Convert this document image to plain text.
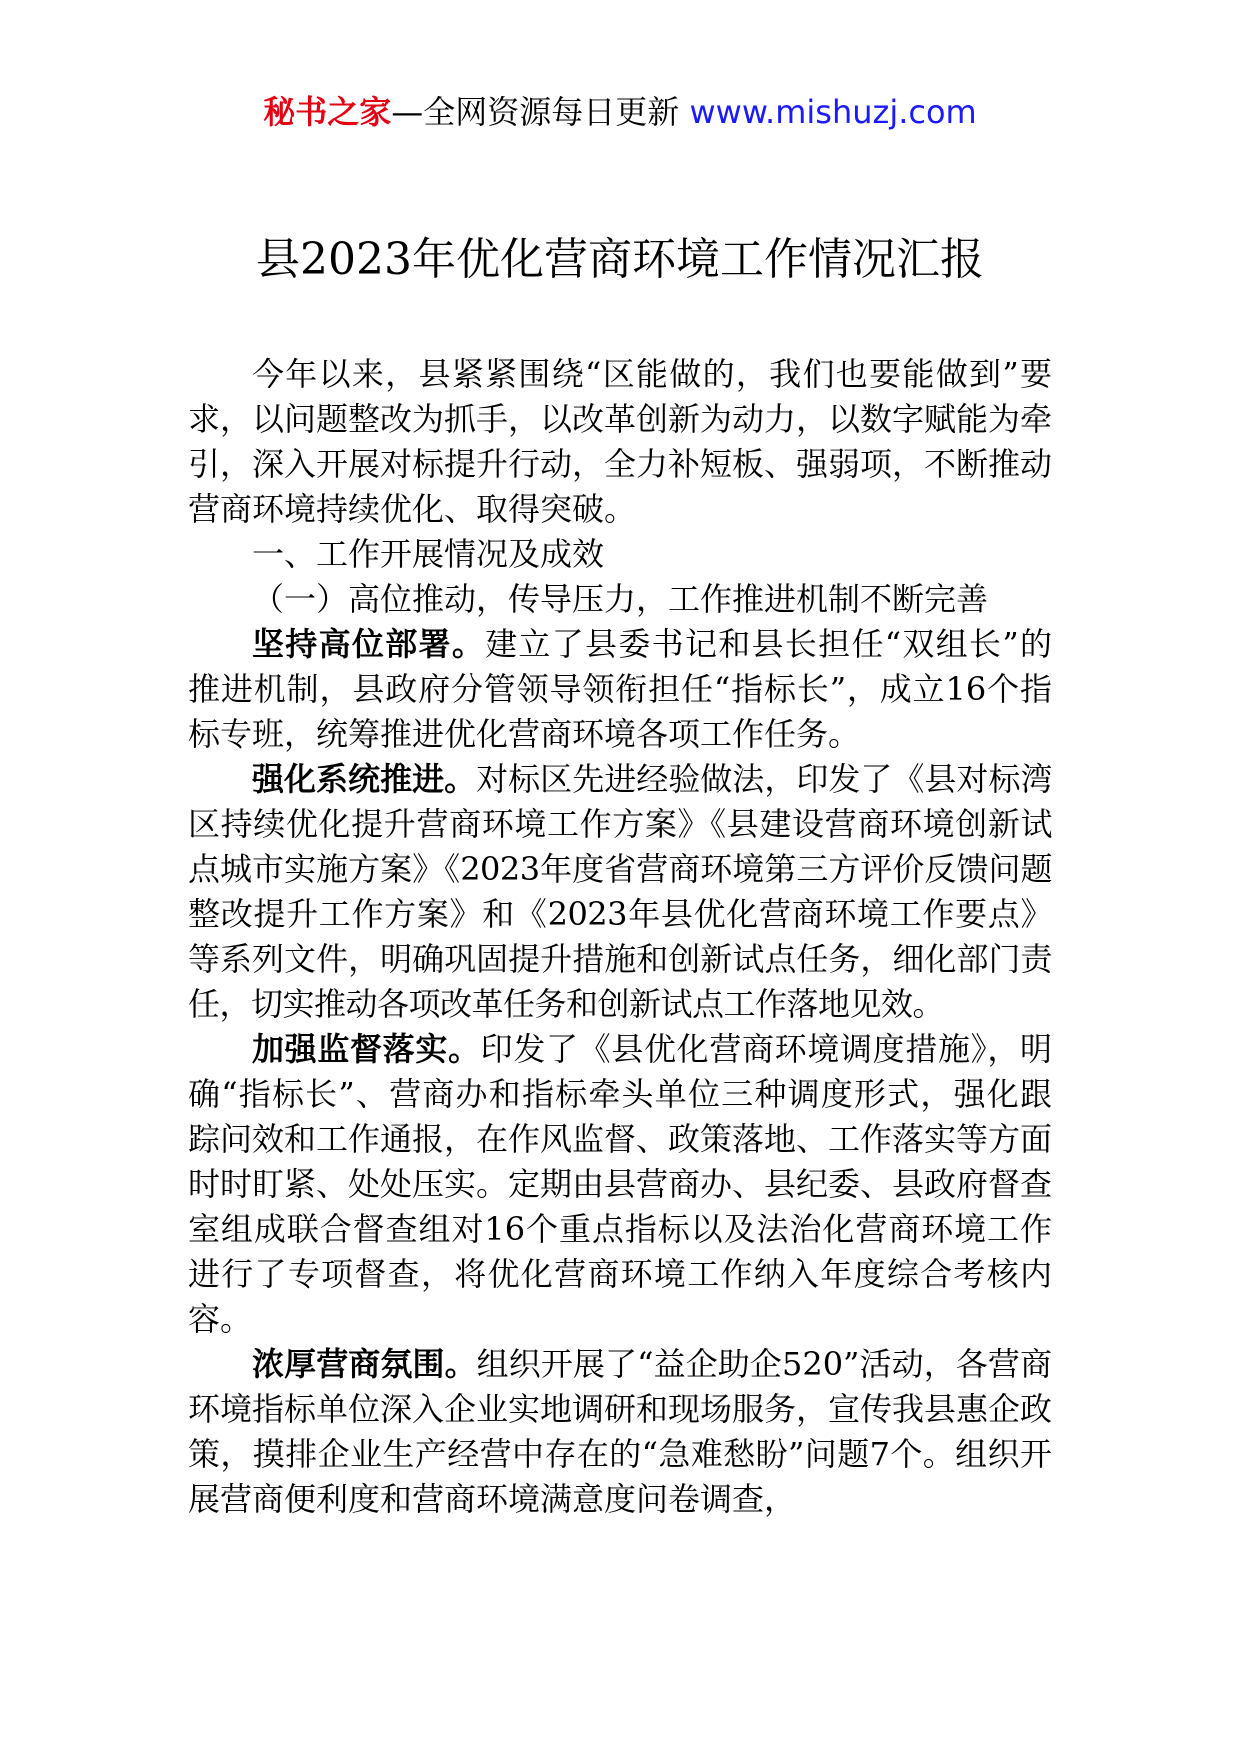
秘书之家—全网资源每日更新 www.mishuzj.com
县2023年优化营商环境工作情况汇报

今年以来，县紧紧围绕“区能做的，我们也要能做到”要求，以问题整改为抓手，以改革创新为动力，以数字赋能为牵引，深入开展对标提升行动，全力补短板、强弱项，不断推动营商环境持续优化、取得突破。

一、工作开展情况及成效

（一）高位推动，传导压力，工作推进机制不断完善

坚持高位部署。建立了县委书记和县长担任“双组长”的推进机制，县政府分管领导领衔担任“指标长”，成立16个指标专班，统筹推进优化营商环境各项工作任务。

强化系统推进。对标区先进经验做法，印发了《县对标湾区持续优化提升营商环境工作方案》《县建设营商环境创新试点城市实施方案》《2023年度省营商环境第三方评价反馈问题整改提升工作方案》和《2023年县优化营商环境工作要点》等系列文件，明确巩固提升措施和创新试点任务，细化部门责任，切实推动各项改革任务和创新试点工作落地见效。

加强监督落实。印发了《县优化营商环境调度措施》，明确“指标长”、营商办和指标牵头单位三种调度形式，强化跟踪问效和工作通报，在作风监督、政策落地、工作落实等方面时时盯紧、处处压实。定期由县营商办、县纪委、县政府督查室组成联合督查组对16个重点指标以及法治化营商环境工作进行了专项督查，将优化营商环境工作纳入年度综合考核内容。

浓厚营商氛围。组织开展了“益企助企520”活动，各营商环境指标单位深入企业实地调研和现场服务，宣传我县惠企政策，摸排企业生产经营中存在的“急难愁盼”问题7个。组织开展营商便利度和营商环境满意度问卷调查，
